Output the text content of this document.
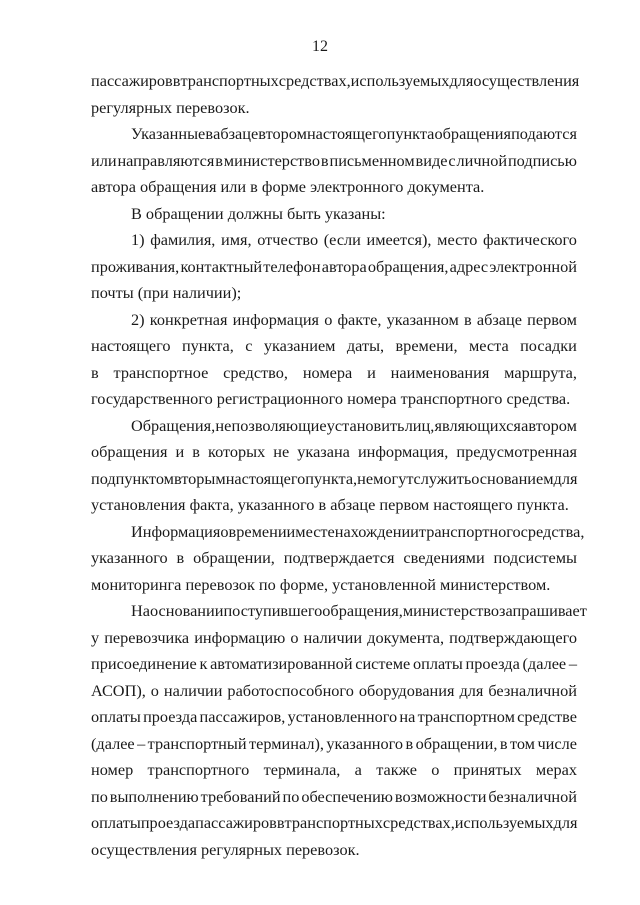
12
пассажиров в транспортных средствах, используемых для осуществления
регулярных перевозок.
Указанные в абзаце втором настоящего пункта обращения подаются
или направляются в министерство в письменном виде с личной подписью
автора обращения или в форме электронного документа.
В обращении должны быть указаны:
1) фамилия, имя, отчество (если имеется), место фактического
проживания, контактный телефон автора обращения, адрес электронной
почты (при наличии);
2) конкретная информация о факте, указанном в абзаце первом
настоящего пункта, с указанием даты, времени, места посадки
в транспортное средство, номера и наименования маршрута,
государственного регистрационного номера транспортного средства.
Обращения, не позволяющие установить лиц, являющихся автором
обращения и в которых не указана информация, предусмотренная
подпунктом вторым настоящего пункта, не могут служить основанием для
установления факта, указанного в абзаце первом настоящего пункта.
Информация о времени и месте нахождении транспортного средства,
указанного в обращении, подтверждается сведениями подсистемы
мониторинга перевозок по форме, установленной министерством.
На основании поступившего обращения, министерство запрашивает
у перевозчика информацию о наличии документа, подтверждающего
присоединение к автоматизированной системе оплаты проезда (далее –
АСОП), о наличии работоспособного оборудования для безналичной
оплаты проезда пассажиров, установленного на транспортном средстве
(далее – транспортный терминал), указанного в обращении, в том числе
номер транспортного терминала, а также о принятых мерах
по выполнению требований по обеспечению возможности безналичной
оплаты проезда пассажиров в транспортных средствах, используемых для
осуществления регулярных перевозок.
